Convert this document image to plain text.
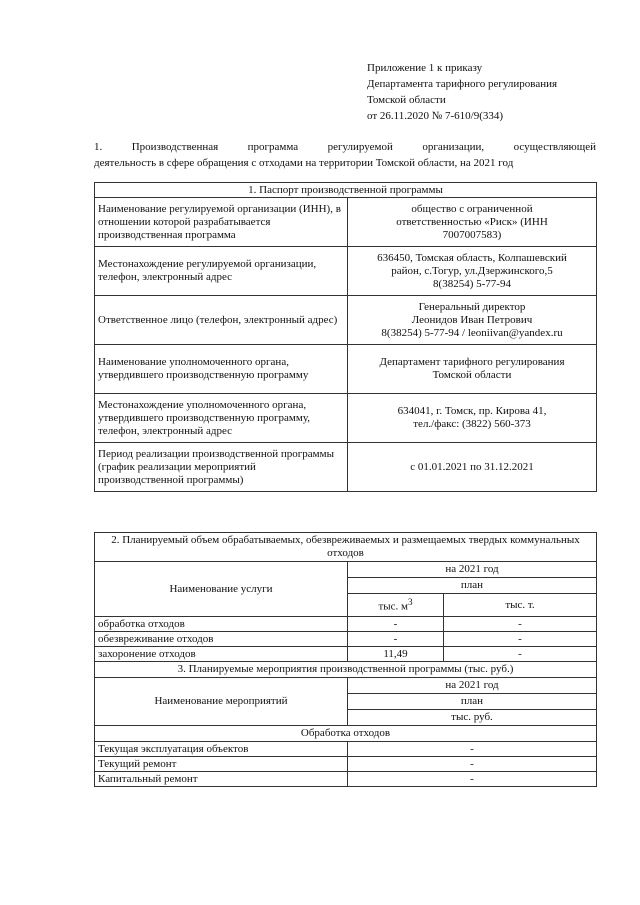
Приложение 1 к приказу
Департамента тарифного регулирования
Томской области
от 26.11.2020 № 7-610/9(334)
1.	Производственная	программа	регулируемой	организации,	осуществляющей
деятельность в сфере обращения с отходами на территории Томской области, на 2021 год
1. Паспорт производственной программы	
Наименование регулируемой организации (ИНН), в отношении которой разрабатывается производственная программа	общество с ограниченной
ответственностью «Риск» (ИНН
7007007583)

Местонахождение регулируемой организации, телефон, электронный адрес	636450, Томская область, Колпашевский
район, с.Тогур, ул.Дзержинского,5
8(38254) 5-77-94

Ответственное лицо (телефон, электронный адрес)	Генеральный директор
Леонидов Иван Петрович
8(38254) 5-77-94 / leoniivan@yandex.ru

Наименование уполномоченного органа, утвердившего производственную программу	Департамент тарифного регулирования
Томской области

Местонахождение уполномоченного органа, утвердившего производственную программу, телефон, электронный адрес	634041, г. Томск, пр. Кирова 41,
тел./факс: (3822) 560-373

Период реализации производственной программы (график реализации мероприятий производственной программы)	с 01.01.2021 по 31.12.2021
2. Планируемый объем обрабатываемых, обезвреживаемых и размещаемых твердых коммунальных отходов		
Наименование услуги	на 2021 год	
	план	
	тыс. $м^3$	тыс. т.
обработка отходов	-	-
обезвреживание отходов	-	-
захоронение отходов	11,49	-
3. Планируемые мероприятия производственной программы (тыс. руб.)		
Наименование мероприятий	на 2021 год	
	план	
	тыс. руб.	
Обработка отходов		
Текущая эксплуатация объектов	-	
Текущий ремонт	-	
Капитальный ремонт	-	
